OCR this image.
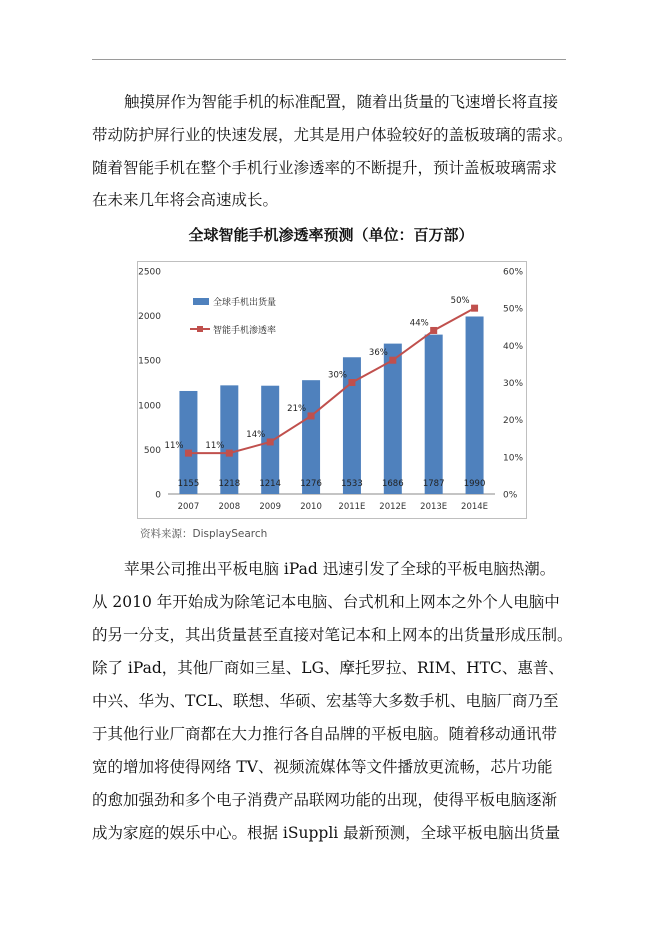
触摸屏作为智能手机的标准配置，随着出货量的飞速增长将直接
带动防护屏行业的快速发展，尤其是用户体验较好的盖板玻璃的需求。
随着智能手机在整个手机行业渗透率的不断提升，预计盖板玻璃需求
在未来几年将会高速成长。
全球智能手机渗透率预测（单位：百万部）
0
500
1000
1500
2000
2500
0%
10%
20%
30%
40%
50%
60%
1155 1218 1214 1276 1533 1686 1787 1990
2007 2008 2009 2010 2011E 2012E 2013E 2014E
11%	11%
14%
21%
30%
36%
44%
50%
全球手机出货量
智能手机渗透率
资料来源：DisplaySearch
苹果公司推出平板电脑 iPad 迅速引发了全球的平板电脑热潮。
从 2010 年开始成为除笔记本电脑、台式机和上网本之外个人电脑中
的另一分支，其出货量甚至直接对笔记本和上网本的出货量形成压制。
除了 iPad，其他厂商如三星、LG、摩托罗拉、RIM、HTC、惠普、
中兴、华为、TCL、联想、华硕、宏基等大多数手机、电脑厂商乃至
于其他行业厂商都在大力推行各自品牌的平板电脑。随着移动通讯带
宽的增加将使得网络 TV、视频流媒体等文件播放更流畅，芯片功能
的愈加强劲和多个电子消费产品联网功能的出现，使得平板电脑逐渐
成为家庭的娱乐中心。根据 iSuppli 最新预测，全球平板电脑出货量
